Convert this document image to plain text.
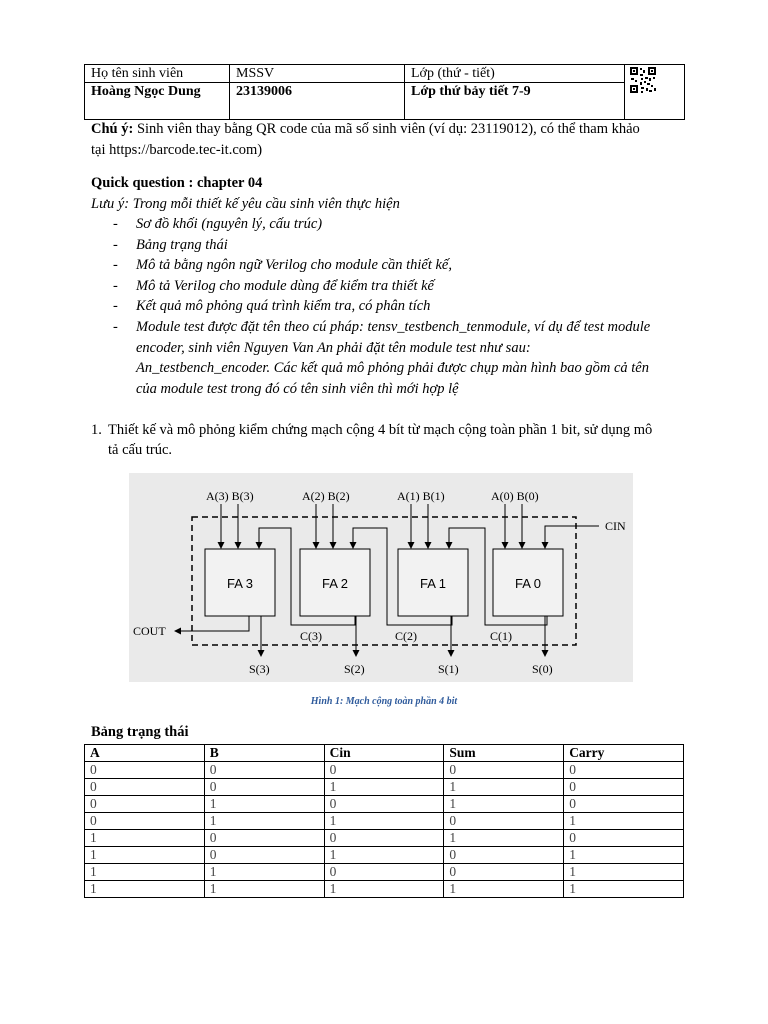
Họ tên sinh viên	MSSV	Lớp (thứ - tiết)	
Hoàng Ngọc Dung	23139006	Lớp thứ bảy tiết 7-9	
Chú ý: Sinh viên thay bằng QR code của mã số sinh viên (ví dụ: 23119012), có thể tham khảo
tại https://barcode.tec-it.com)
Quick question : chapter 04
Lưu ý: Trong mỗi thiết kế yêu cầu sinh viên thực hiện
- Sơ đồ khối (nguyên lý, cấu trúc)
- Bảng trạng thái
- Mô tả bằng ngôn ngữ Verilog cho module cần thiết kế,
- Mô tả Verilog cho module dùng để kiểm tra thiết kế
- Kết quả mô phỏng quá trình kiểm tra, có phân tích
- Module test được đặt tên theo cú pháp: tensv_testbench_tenmodule, ví dụ để test module
encoder, sinh viên Nguyen Van An phải đặt tên module test như sau:
An_testbench_encoder. Các kết quả mô phỏng phải được chụp màn hình bao gồm cả tên
của module test trong đó có tên sinh viên thì mới hợp lệ
1. Thiết kế và mô phỏng kiểm chứng mạch cộng 4 bít từ mạch cộng toàn phần 1 bit, sử dụng mô
tả cấu trúc.
FA 3	FA 2	FA 1	FA 0
A(3) B(3)	A(2) B(2)	A(1) B(1)	A(0) B(0)
CIN
C(1)
C(2)
C(3)
COUT
S(3)	S(2)	S(1)	S(0)
Hình 1: Mạch cộng toàn phần 4 bit
Bảng trạng thái
A	B	Cin	Sum	Carry
0	0	0	0	0
0	0	1	1	0
0	1	0	1	0
0	1	1	0	1
1	0	0	1	0
1	0	1	0	1
1	1	0	0	1
1	1	1	1	1
